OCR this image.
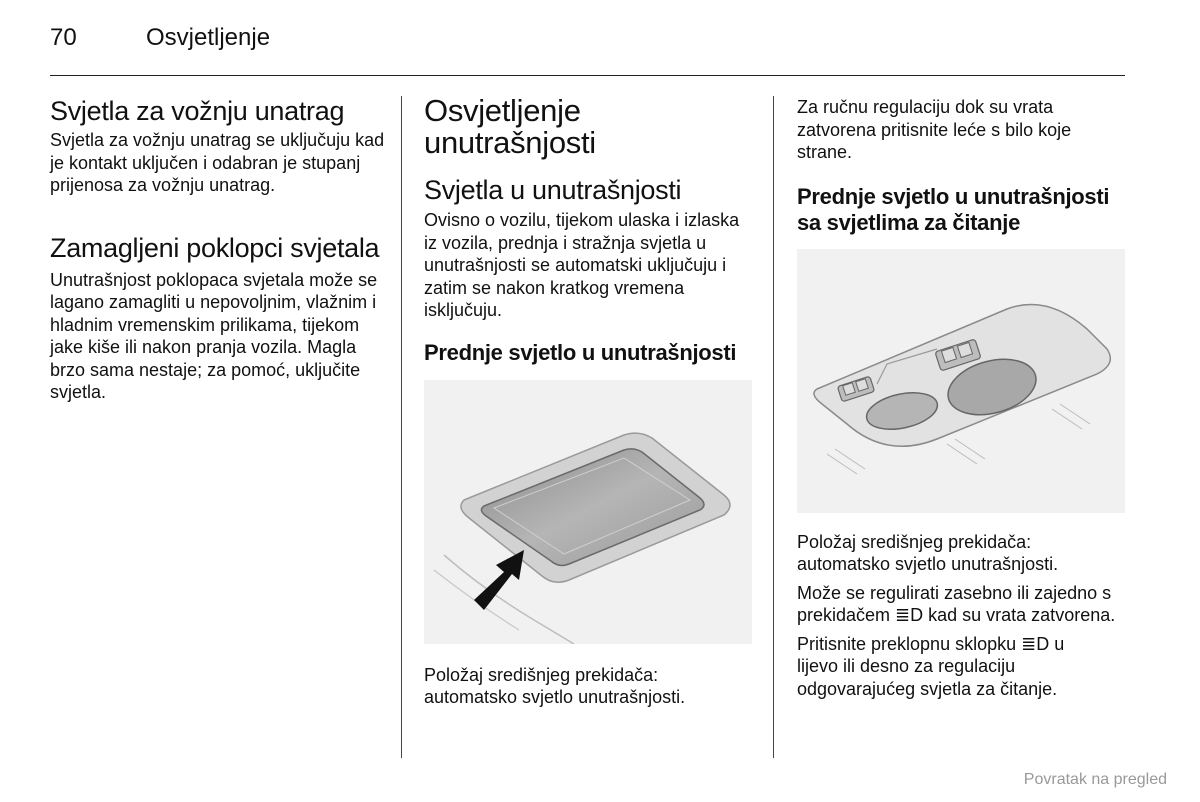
70	Osvjetljenje
Svjetla za vožnju unatrag

Svjetla za vožnju unatrag se uključuju kad je kontakt uključen i odabran je stupanj prijenosa za vožnju unatrag.

Zamagljeni poklopci svjetala

Unutrašnjost poklopaca svjetala može se lagano zamagliti u nepovoljnim, vlažnim i hladnim vremenskim prilikama, tijekom jake kiše ili nakon pranja vozila. Magla brzo sama nestaje; za pomoć, uključite svjetla.

Osvjetljenje unutrašnjosti
Svjetla u unutrašnjosti

Ovisno o vozilu, tijekom ulaska i izlaska iz vozila, prednja i stražnja svjetla u unutrašnjosti se automatski uključuju i zatim se nakon kratkog vremena isključuju.

Prednje svjetlo u unutrašnjosti

Položaj središnjeg prekidača: automatsko svjetlo unutrašnjosti.

Za ručnu regulaciju dok su vrata zatvorena pritisnite leće s bilo koje strane.

Prednje svjetlo u unutrašnjosti sa svjetlima za čitanje

Položaj središnjeg prekidača: automatsko svjetlo unutrašnjosti.

Može se regulirati zasebno ili zajedno s prekidačem ≣D kad su vrata zatvorena.

Pritisnite preklopnu sklopku ≣D u lijevo ili desno za regulaciju odgovarajućeg svjetla za čitanje.

Povratak na pregled
